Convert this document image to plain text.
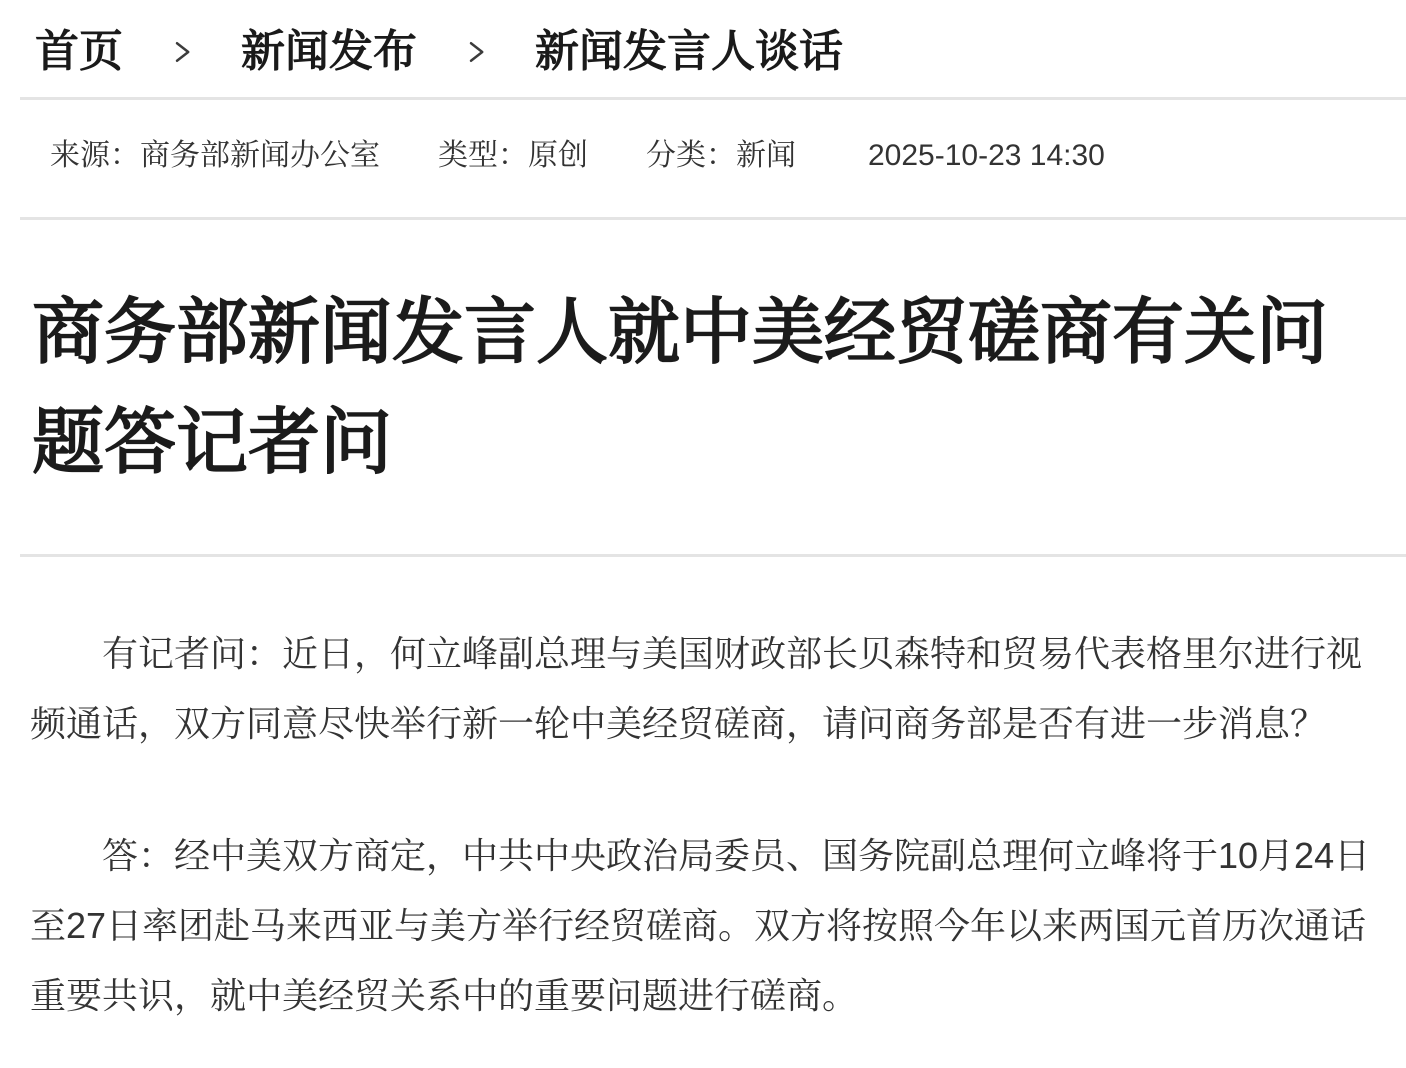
首页	新闻发布	新闻发言人谈话
来源： 商务部新闻办公室 类型： 原创 分类： 新闻 2025-10-23 14:30
商务部新闻发言人就中美经贸磋商有关问题答记者问

有记者问：近日，何立峰副总理与美国财政部长贝森特和贸易代表格里尔进行视频通话，双方同意尽快举行新一轮中美经贸磋商，请问商务部是否有进一步消息？

答：经中美双方商定，中共中央政治局委员、国务院副总理何立峰将于10月24日至27日率团赴马来西亚与美方举行经贸磋商。双方将按照今年以来两国元首历次通话重要共识，就中美经贸关系中的重要问题进行磋商。
